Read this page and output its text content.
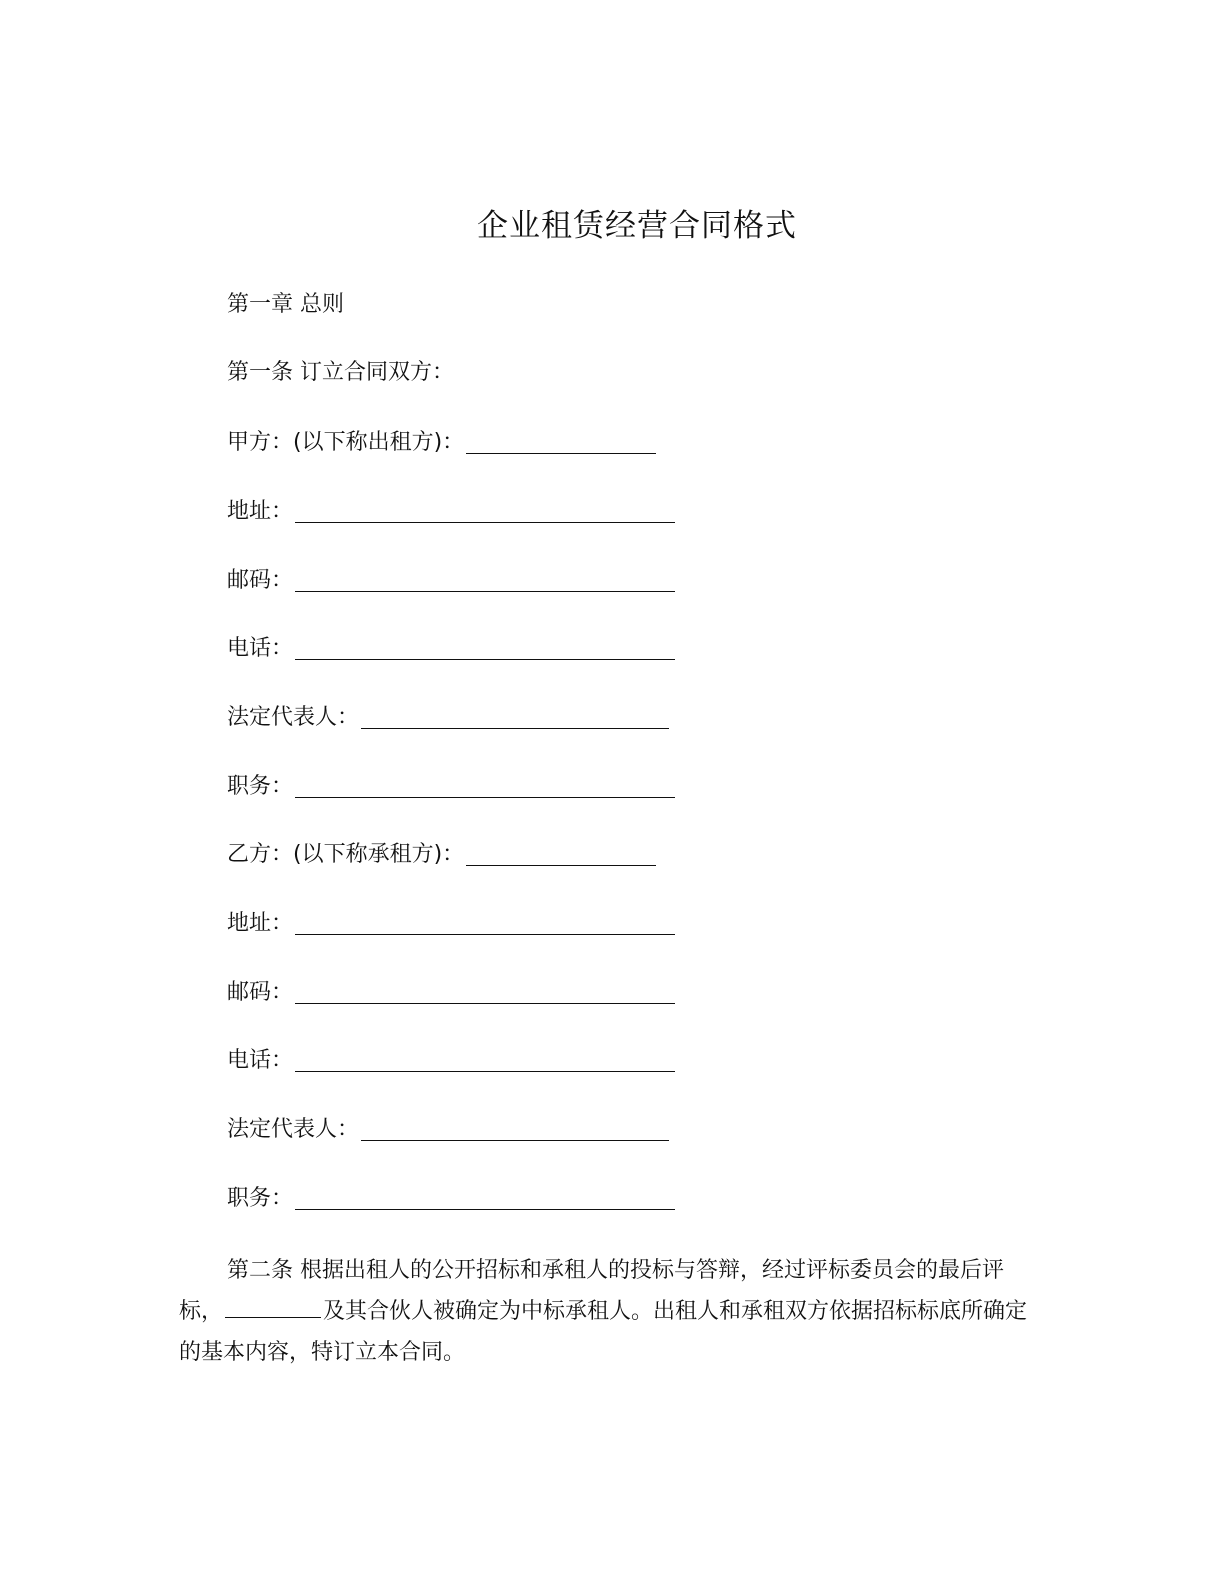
企业租赁经营合同格式
第一章 总则
第一条 订立合同双方：
甲方：(以下称出租方)：
地址：
邮码：
电话：
法定代表人：
职务：
乙方：(以下称承租方)：
地址：
邮码：
电话：
法定代表人：
职务：
第二条 根据出租人的公开招标和承租人的投标与答辩，经过评标委员会的最后评标，	及其合伙人被确定为中标承租人。出租人和承租双方依据招标标底所确定的基本内容，特订立本合同。
